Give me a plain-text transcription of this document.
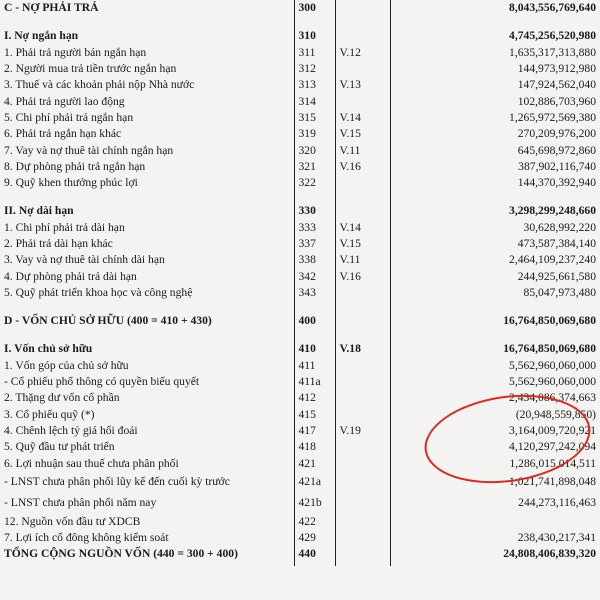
C - NỢ PHẢI TRẢ	300		8,043,556,769,640

I. Nợ ngắn hạn	310		4,745,256,520,980
1. Phải trả người bán ngắn hạn	311	V.12	1,635,317,313,880
2. Người mua trả tiền trước ngắn hạn	312		144,973,912,980
3. Thuế và các khoản phải nộp Nhà nước	313	V.13	147,924,562,040
4. Phải trả người lao động	314		102,886,703,960
5. Chi phí phải trả ngắn hạn	315	V.14	1,265,972,569,380
6. Phải trả ngắn hạn khác	319	V.15	270,209,976,200
7. Vay và nợ thuê tài chính ngắn hạn	320	V.11	645,698,972,860
8. Dự phòng phải trả ngắn hạn	321	V.16	387,902,116,740
9. Quỹ khen thưởng phúc lợi	322		144,370,392,940

II. Nợ dài hạn	330		3,298,299,248,660
1. Chi phí phải trả dài hạn	333	V.14	30,628,992,220
2. Phải trả dài hạn khác	337	V.15	473,587,384,140
3. Vay và nợ thuê tài chính dài hạn	338	V.11	2,464,109,237,240
4. Dự phòng phải trả dài hạn	342	V.16	244,925,661,580
5. Quỹ phát triển khoa học và công nghệ	343		85,047,973,480

D - VỐN CHỦ SỞ HỮU (400 = 410 + 430)	400		16,764,850,069,680

I. Vốn chủ sở hữu	410	V.18	16,764,850,069,680
1. Vốn góp của chủ sở hữu	411		5,562,960,060,000
- Cổ phiếu phổ thông có quyền biểu quyết	411a		5,562,960,060,000
2. Thặng dư vốn cổ phần	412		2,434,086,374,663
3. Cổ phiếu quỹ (*)	415		(20,948,559,850)
4. Chênh lệch tỷ giá hối đoái	417	V.19	3,164,009,720,921
5. Quỹ đầu tư phát triển	418		4,120,297,242,094
6. Lợi nhuận sau thuế chưa phân phối	421		1,286,015,014,511
- LNST chưa phân phối lũy kế đến cuối kỳ trước	421a		1,021,741,898,048
- LNST chưa phân phối năm nay	421b		244,273,116,463
12. Nguồn vốn đầu tư XDCB	422		
7. Lợi ích cổ đông không kiểm soát	429		238,430,217,341
TỔNG CỘNG NGUỒN VỐN (440 = 300 + 400)	440		24,808,406,839,320
